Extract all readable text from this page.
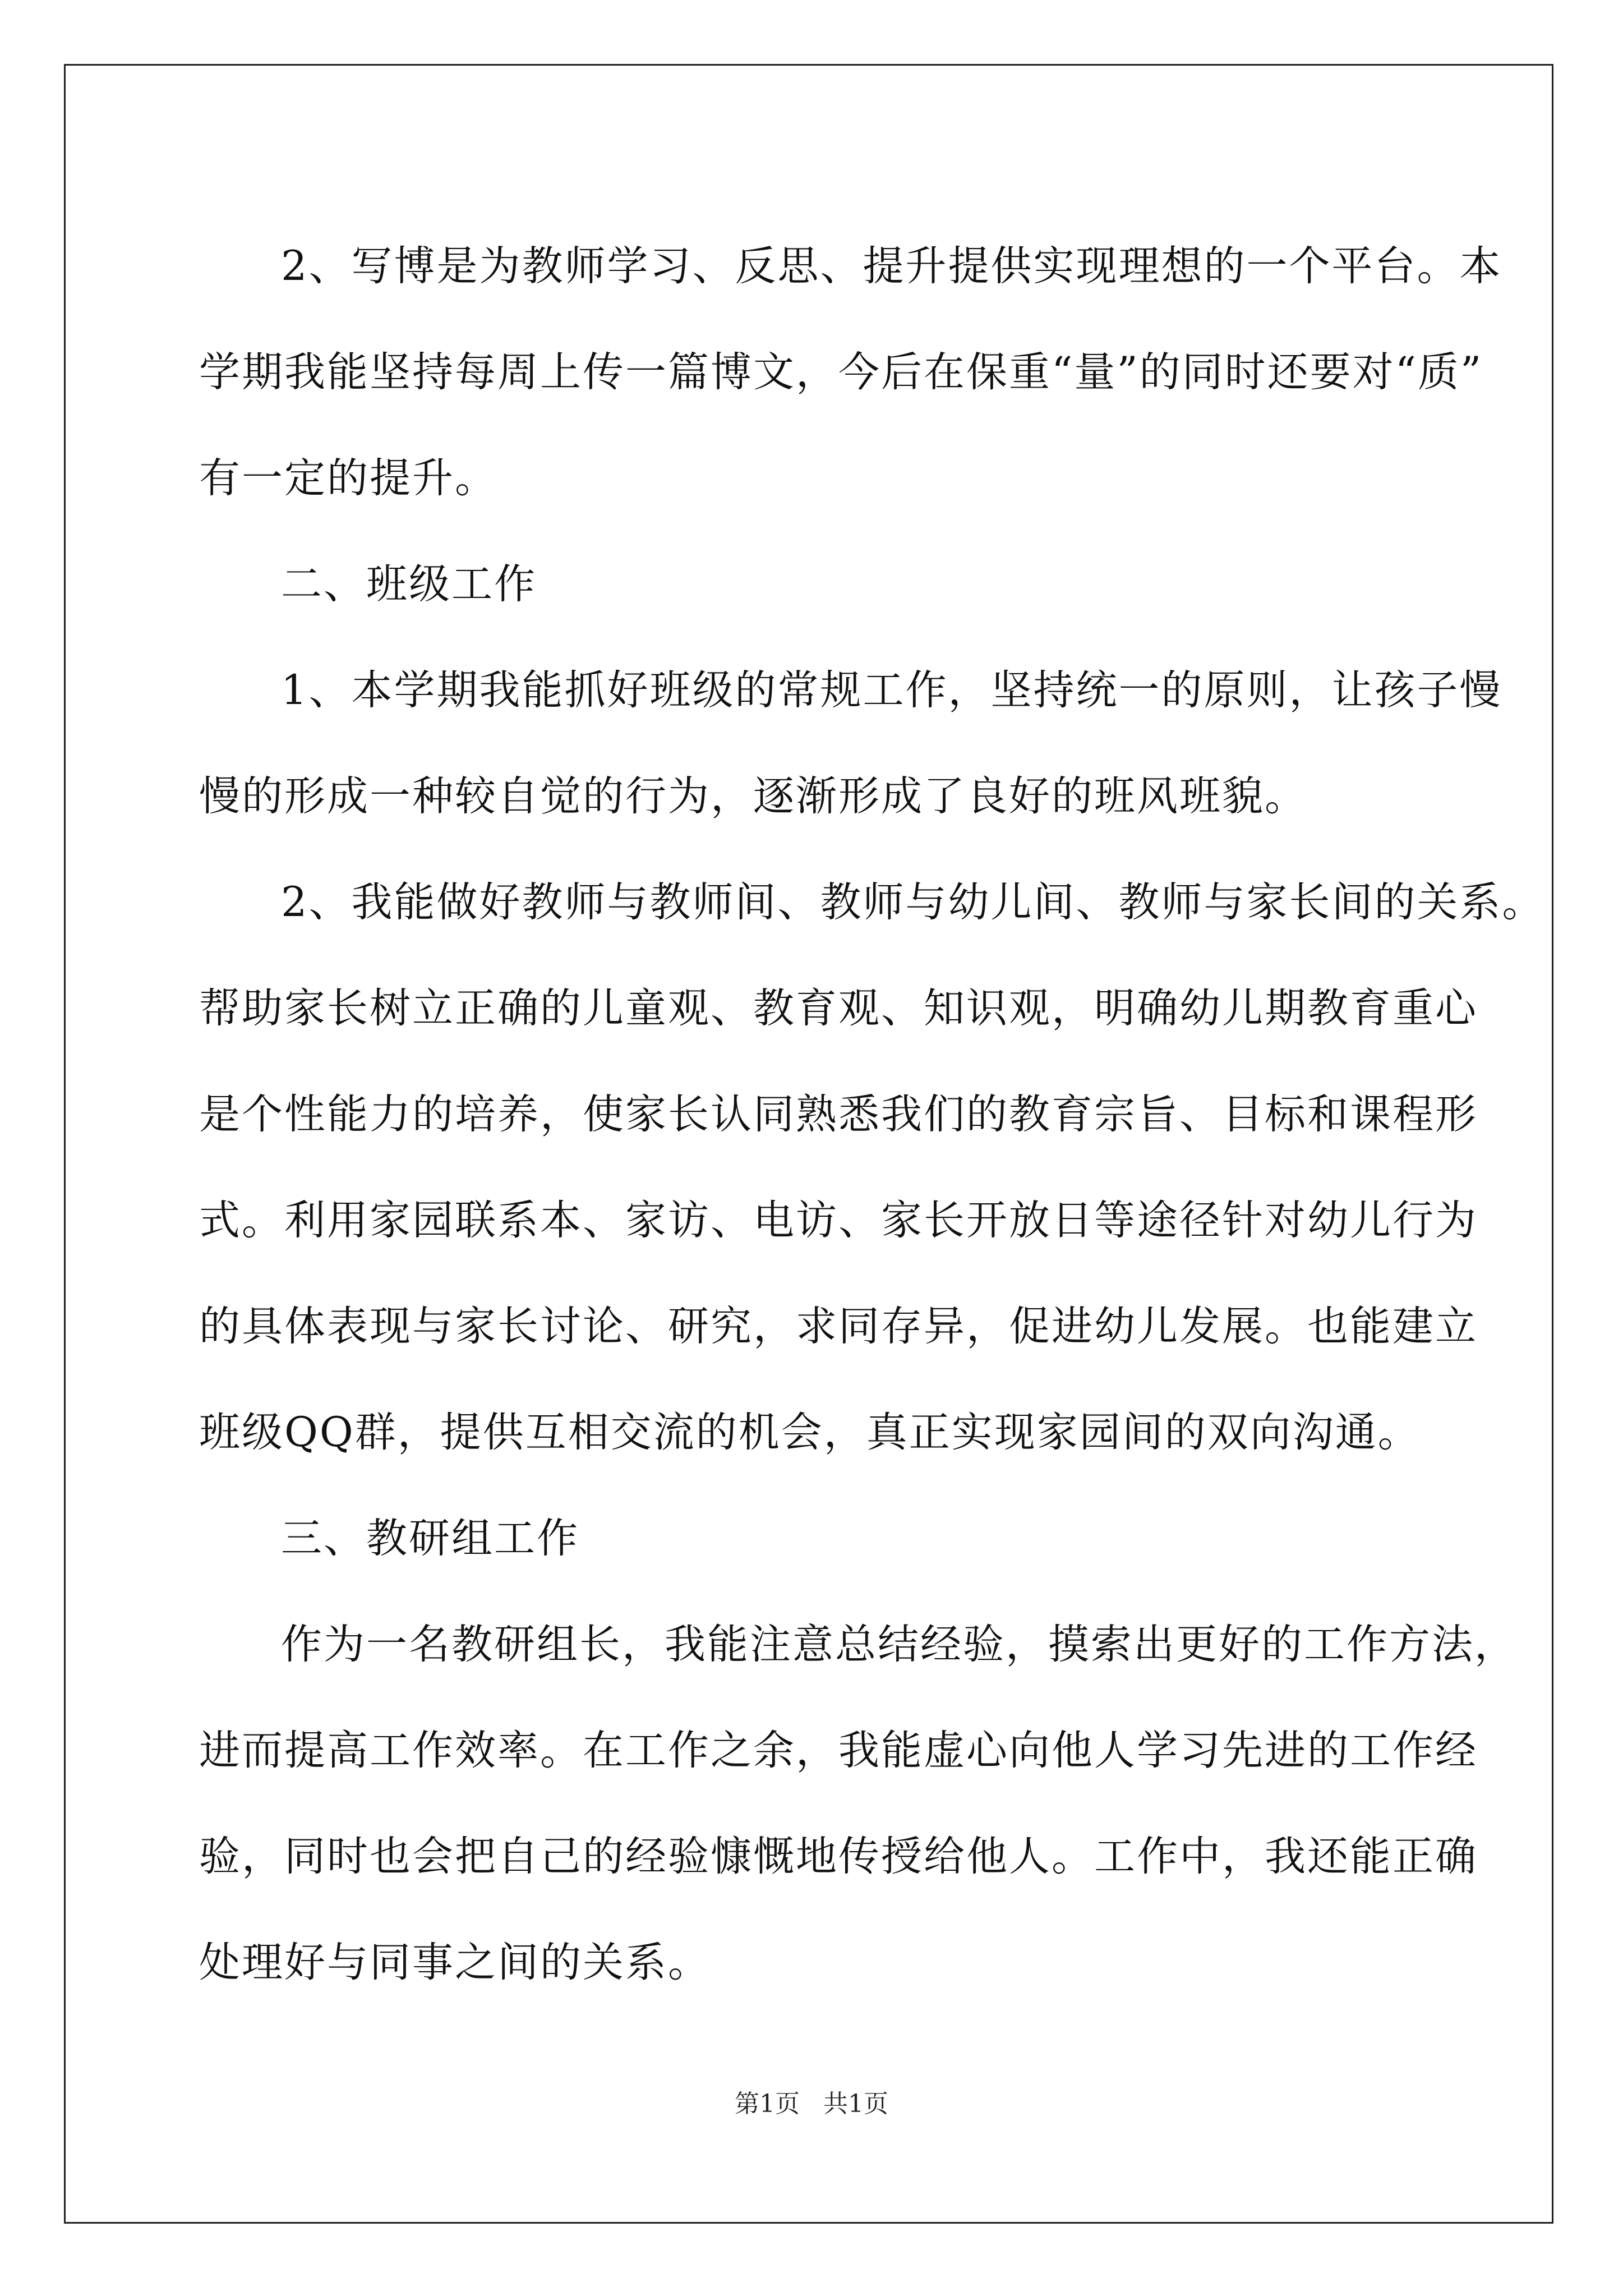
2、写博是为教师学习、反思、提升提供实现理想的一个平台。本
学期我能坚持每周上传一篇博文，今后在保重“量”的同时还要对“质”
有一定的提升。

二、班级工作

1、本学期我能抓好班级的常规工作，坚持统一的原则，让孩子慢
慢的形成一种较自觉的行为，逐渐形成了良好的班风班貌。

2、我能做好教师与教师间、教师与幼儿间、教师与家长间的关系。
帮助家长树立正确的儿童观、教育观、知识观，明确幼儿期教育重心
是个性能力的培养，使家长认同熟悉我们的教育宗旨、目标和课程形
式。利用家园联系本、家访、电访、家长开放日等途径针对幼儿行为
的具体表现与家长讨论、研究，求同存异，促进幼儿发展。也能建立
班级QQ群，提供互相交流的机会，真正实现家园间的双向沟通。

三、教研组工作

作为一名教研组长，我能注意总结经验，摸索出更好的工作方法，
进而提高工作效率。在工作之余，我能虚心向他人学习先进的工作经
验，同时也会把自己的经验慷慨地传授给他人。工作中，我还能正确
处理好与同事之间的关系。

第1页 共1页
